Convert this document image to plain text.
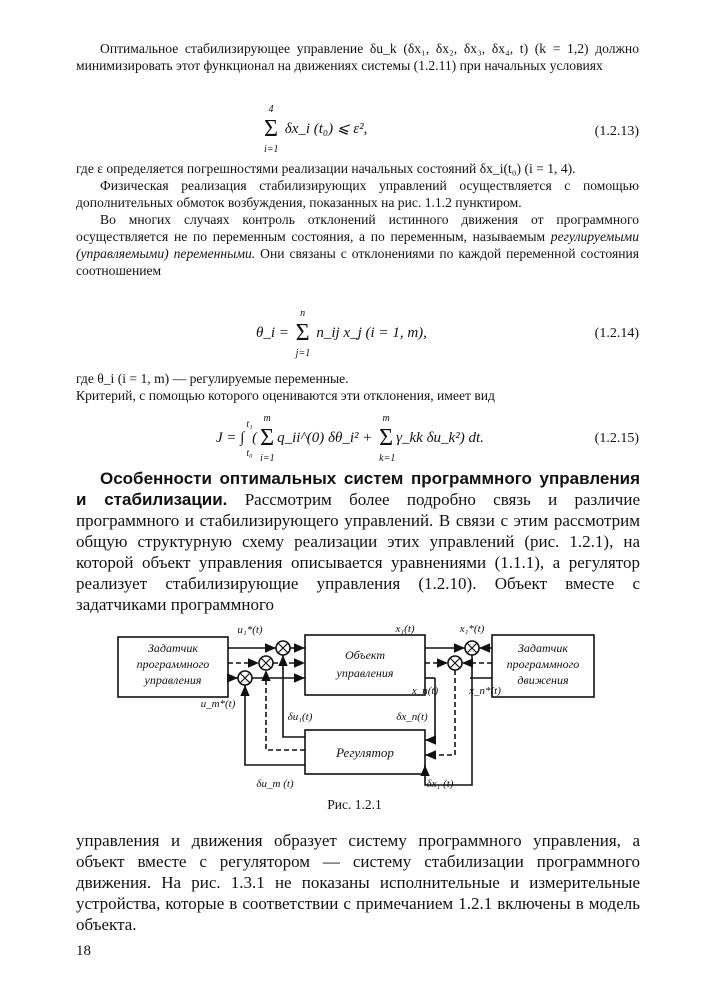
Оптимальное стабилизирующее управление δu_k (δx₁, δx₂, δx₃, δx₄, t) (k = 1,2) должно минимизировать этот функционал на движениях системы (1.2.11) при начальных условиях

Σ
4
i=1
δx_i (t₀) ⩽ ε²,	(1.2.13)

где ε определяется погрешностями реализации начальных состояний δx_i(t₀) (i = 1, 4).

Физическая реализация стабилизирующих управлений осуществляется с помощью дополнительных обмоток возбуждения, показанных на рис. 1.1.2 пунктиром.

Во многих случаях контроль отклонений истинного движения от программного осуществляется не по переменным состояния, а по переменным, называемым регулируемыми (управляемыми) переменными. Они связаны с отклонениями по каждой переменной состояния соотношением

θ_i = Σ
n
j=1
n_ij x_j (i = 1, m),	(1.2.14)

где θ_i (i = 1, m) — регулируемые переменные.

Критерий, с помощью которого оцениваются эти отклонения, имеет вид

J = ∫
t₁
t₀
( Σ
m
i=1
q_ii^(0) δθ_i² + Σ
m
k=1
γ_kk δu_k²) dt.	(1.2.15)

Особенности оптимальных систем программного управления и стабилизации. Рассмотрим более подробно связь и различие программного и стабилизирующего управлений. В связи с этим рассмотрим общую структурную схему реализации этих управлений (рис. 1.2.1), на которой объект управления описывается уравнениями (1.1.1), а регулятор реализует стабилизирующие управления (1.2.10). Объект вместе с задатчиками программного

Задатчик
программного
управления
Объект
управления
Задатчик
программного
движения
Регулятор
u₁*(t)
u_m*(t)
x₁(t)	x₁*(t)
x_n(t)	x_n*(t)
δu₁(t)	δx_n(t)
δu_m (t)	δx₁ (t)
Рис. 1.2.1

управления и движения образует систему программного управления, а объект вместе с регулятором — систему стабилизации программного движения. На рис. 1.3.1 не показаны исполнительные и измерительные устройства, которые в соответствии с примечанием 1.2.1 включены в модель объекта.

18
